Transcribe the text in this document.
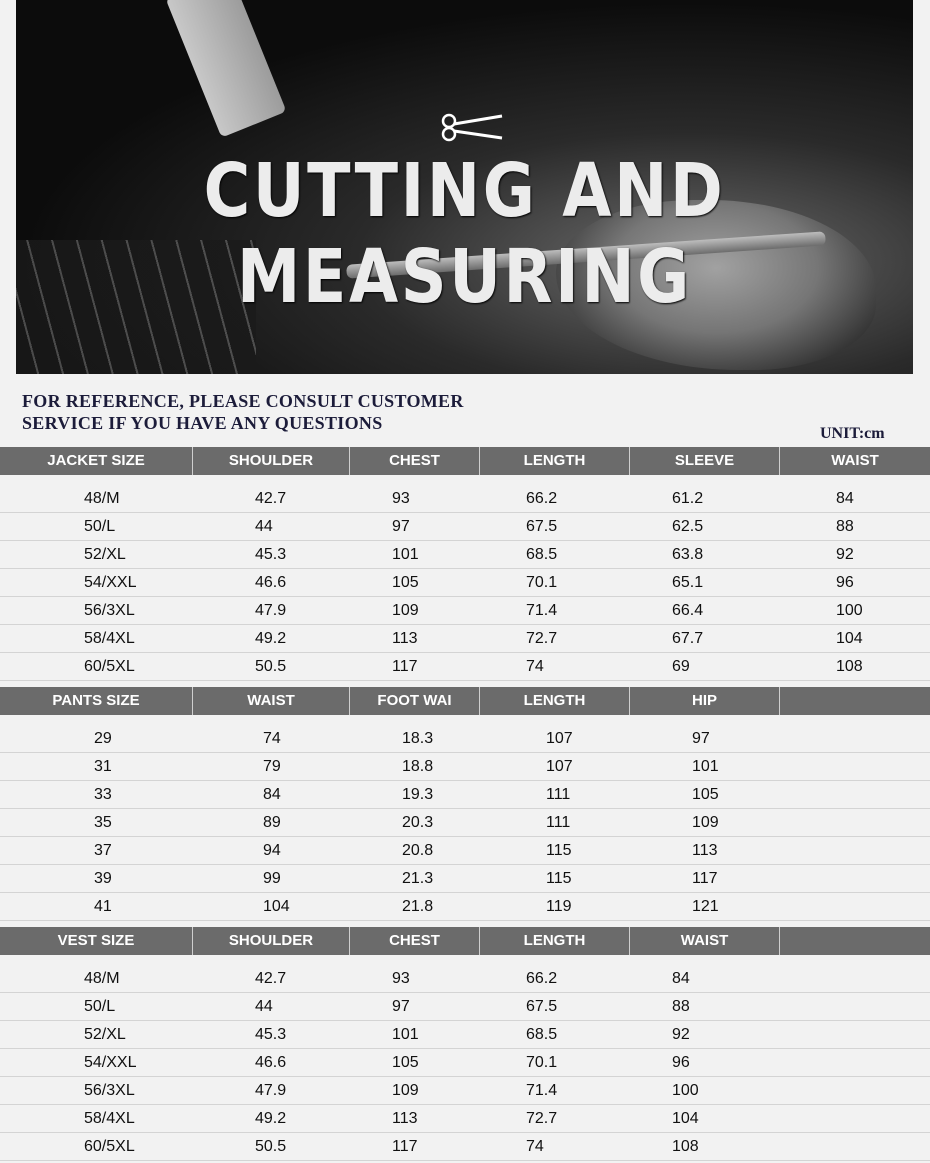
CUTTING AND MEASURING
FOR REFERENCE, PLEASE CONSULT CUSTOMER
SERVICE IF YOU HAVE ANY QUESTIONS
UNIT:cm
JACKET SIZE	SHOULDER	CHEST	LENGTH	SLEEVE	WAIST
48/M	42.7	93	66.2	61.2	84
50/L	44	97	67.5	62.5	88
52/XL	45.3	101	68.5	63.8	92
54/XXL	46.6	105	70.1	65.1	96
56/3XL	47.9	109	71.4	66.4	100
58/4XL	49.2	113	72.7	67.7	104
60/5XL	50.5	117	74	69	108
PANTS SIZE	WAIST	FOOT WAI	LENGTH	HIP
29	74	18.3	107	97
31	79	18.8	107	101
33	84	19.3	111	105
35	89	20.3	111	109
37	94	20.8	115	113
39	99	21.3	115	117
41	104	21.8	119	121
VEST SIZE	SHOULDER	CHEST	LENGTH	WAIST
48/M	42.7	93	66.2	84
50/L	44	97	67.5	88
52/XL	45.3	101	68.5	92
54/XXL	46.6	105	70.1	96
56/3XL	47.9	109	71.4	100
58/4XL	49.2	113	72.7	104
60/5XL	50.5	117	74	108
